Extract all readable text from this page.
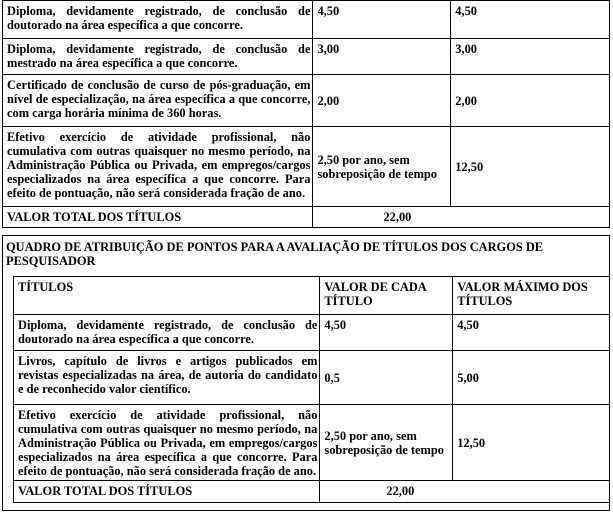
Diploma, devidamente registrado, de conclusão de doutorado na área específica a que concorre.	4,50	4,50
Diploma, devidamente registrado, de conclusão de mestrado na área específica a que concorre.	3,00	3,00
Certificado de conclusão de curso de pós-graduação, em nível de especialização, na área específica a que concorre, com carga horária mínima de 360 horas.	2,00	2,00
Efetivo exercício de atividade profissional, não cumulativa com outras quaisquer no mesmo período, na Administração Pública ou Privada, em empregos/cargos especializados na área específica a que concorre. Para efeito de pontuação, não será considerada fração de ano.	2,50 por ano, sem sobreposição de tempo	12,50
VALOR TOTAL DOS TÍTULOS	22,00	
QUADRO DE ATRIBUIÇÃO DE PONTOS PARA A AVALIAÇÃO DE TÍTULOS DOS CARGOS DE PESQUISADOR
TÍTULOS	VALOR DE CADA TÍTULO	VALOR MÁXIMO DOS TÍTULOS
Diploma, devidamente registrado, de conclusão de doutorado na área específica a que concorre.	4,50	4,50
Livros, capítulo de livros e artigos publicados em revistas especializadas na área, de autoria do candidato e de reconhecido valor científico.	0,5	5,00
Efetivo exercício de atividade profissional, não cumulativa com outras quaisquer no mesmo período, na Administração Pública ou Privada, em empregos/cargos especializados na área específica a que concorre. Para efeito de pontuação, não será considerada fração de ano.	2,50 por ano, sem sobreposição de tempo	12,50
VALOR TOTAL DOS TÍTULOS	22,00	
